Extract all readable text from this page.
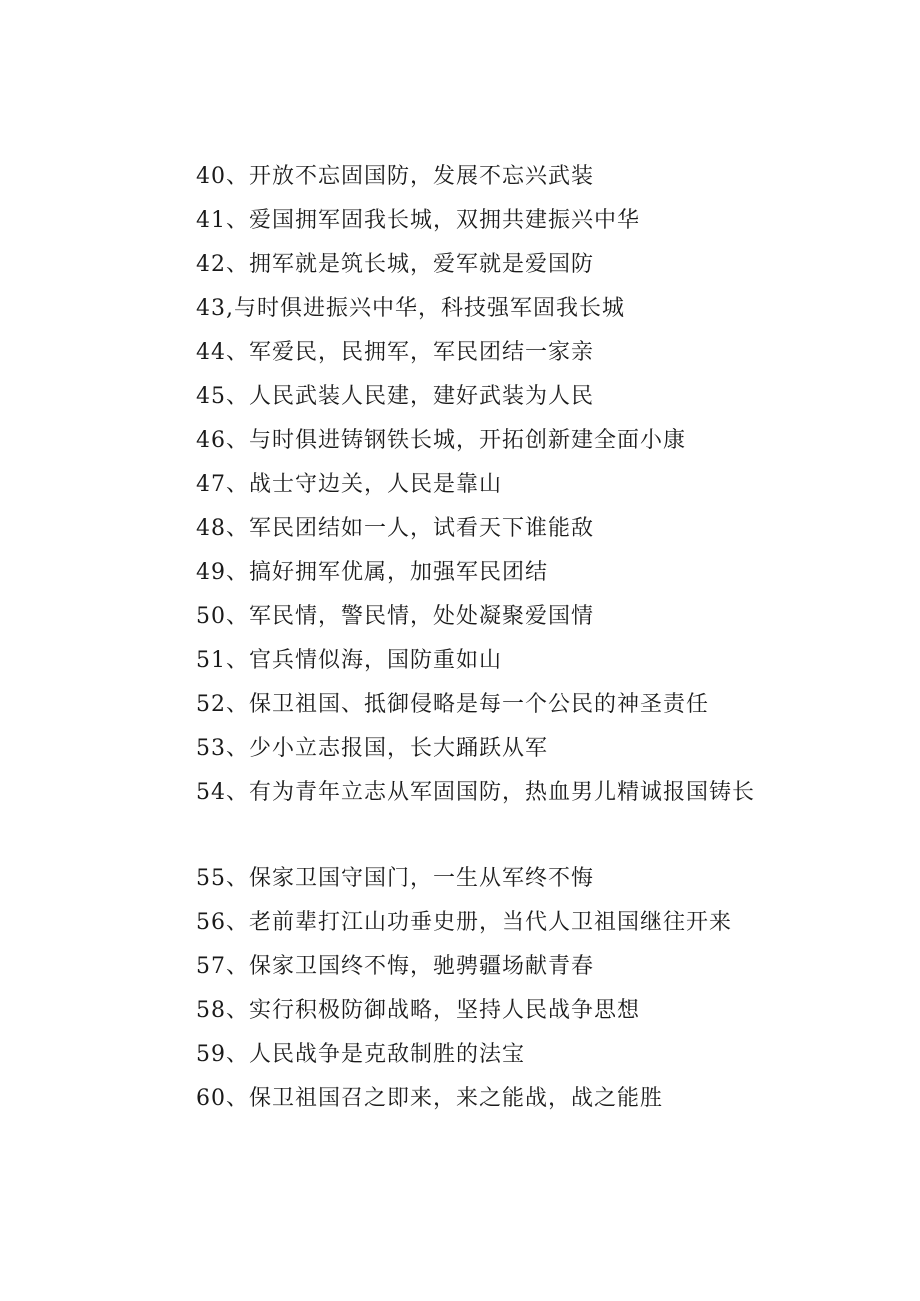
40、开放不忘固国防，发展不忘兴武装
41、爱国拥军固我长城，双拥共建振兴中华
42、拥军就是筑长城，爱军就是爱国防
43,与时俱进振兴中华，科技强军固我长城
44、军爱民，民拥军，军民团结一家亲
45、人民武装人民建，建好武装为人民
46、与时俱进铸钢铁长城，开拓创新建全面小康
47、战士守边关，人民是靠山
48、军民团结如一人，试看天下谁能敌
49、搞好拥军优属，加强军民团结
50、军民情，警民情，处处凝聚爱国情
51、官兵情似海，国防重如山
52、保卫祖国、抵御侵略是每一个公民的神圣责任
53、少小立志报国，长大踊跃从军
54、有为青年立志从军固国防，热血男儿精诚报国铸长
55、保家卫国守国门，一生从军终不悔
56、老前辈打江山功垂史册，当代人卫祖国继往开来
57、保家卫国终不悔，驰骋疆场献青春
58、实行积极防御战略，坚持人民战争思想
59、人民战争是克敌制胜的法宝
60、保卫祖国召之即来，来之能战，战之能胜
